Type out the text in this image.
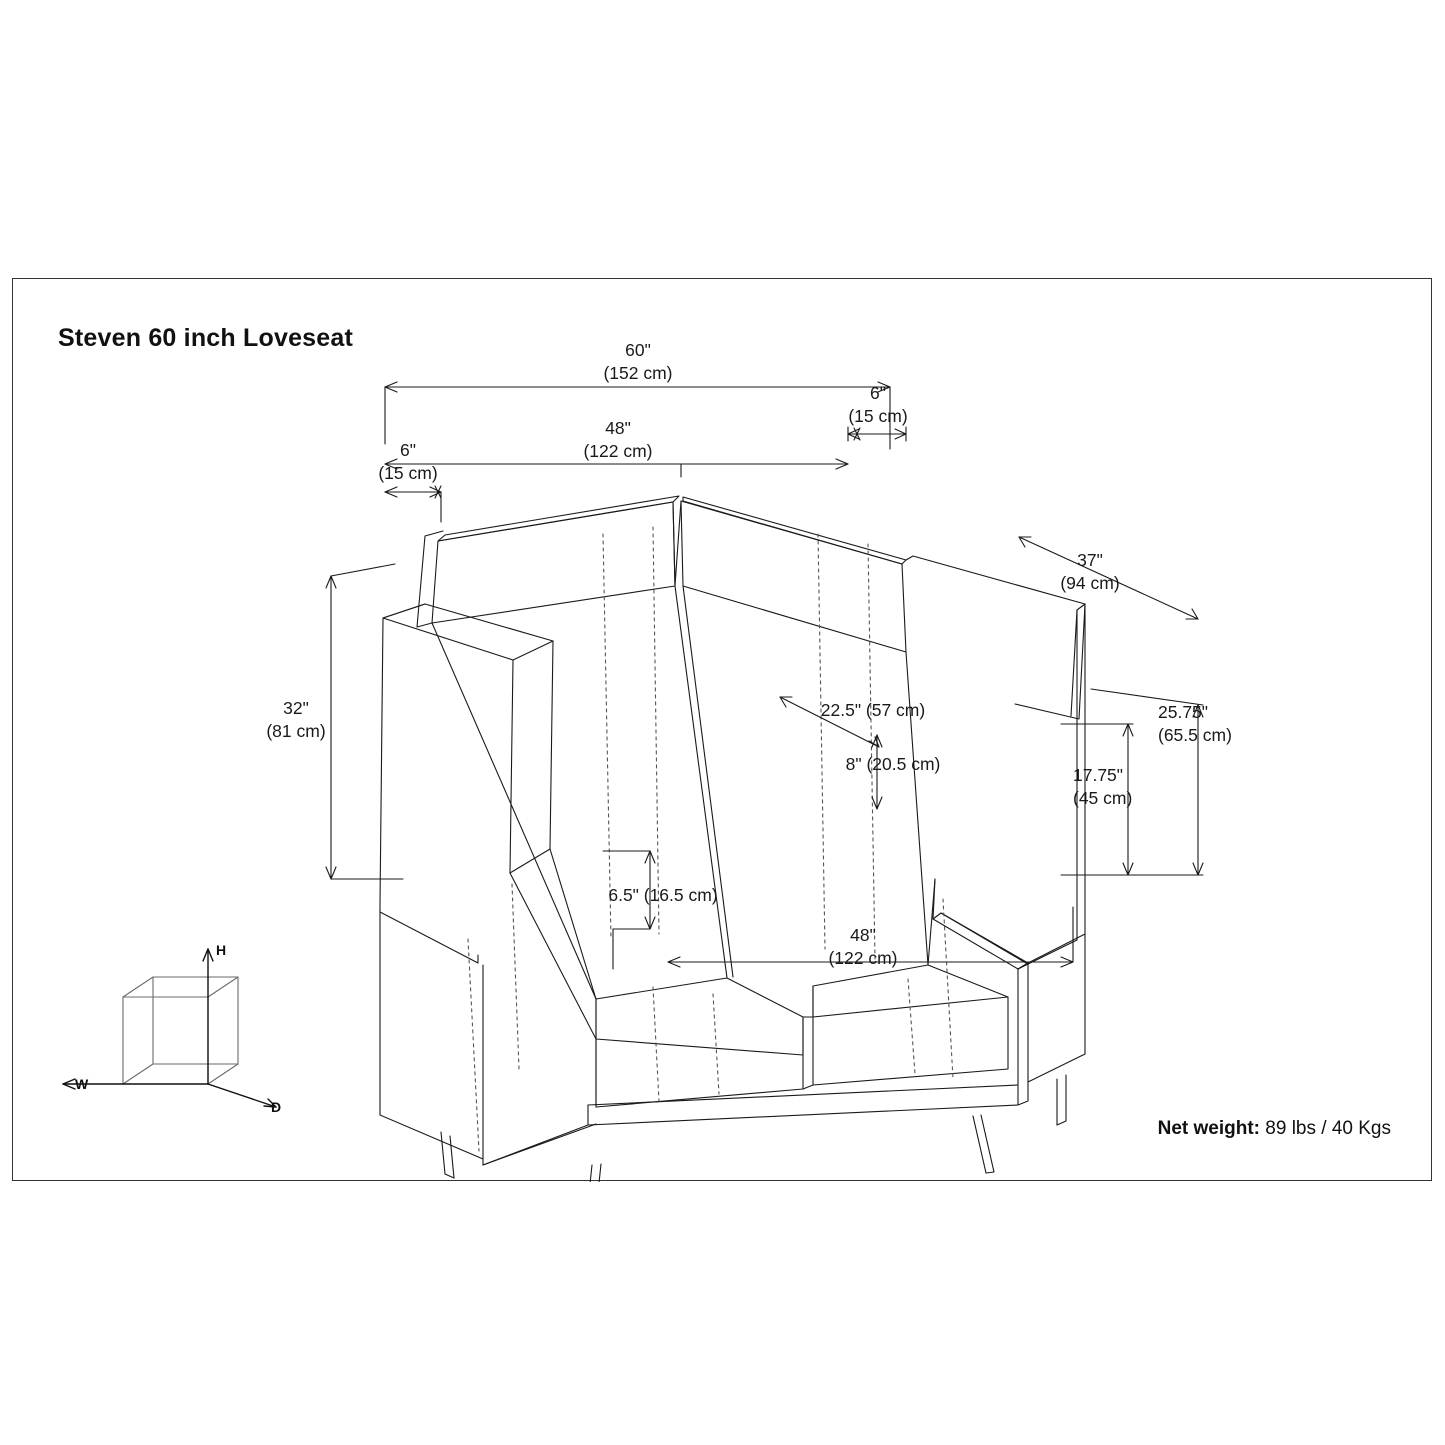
Steven 60 inch Loveseat	60"
(152 cm)
6"
(15 cm)
48"
(122 cm)
6"
(15 cm)
37"
(94 cm)
32"
(81 cm)
22.5" (57 cm)
8" (20.5 cm)
25.75"
(65.5 cm)
17.75"
(45 cm)
6.5" (16.5 cm)
48"
(122 cm)
H
W
D
Net weight: 89 lbs / 40 Kgs
